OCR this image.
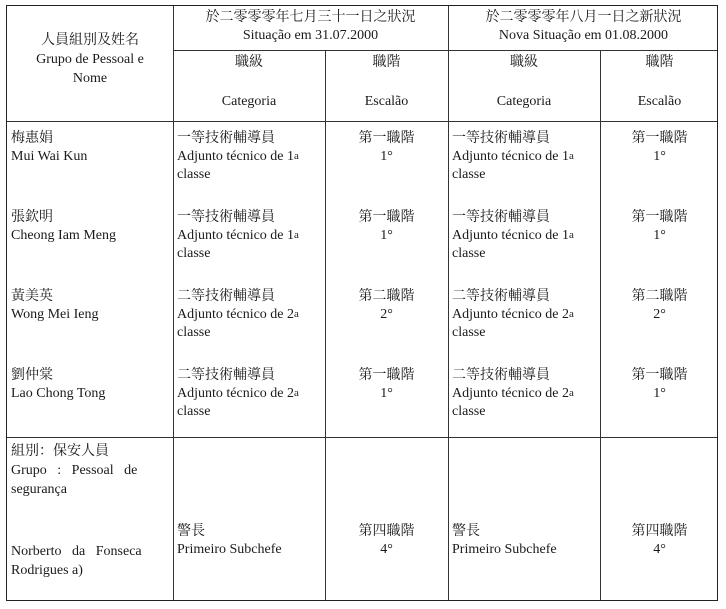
人員組別及姓名
Grupo de Pessoal e
Nome
於二零零零年七月三十一日之狀況
Situação em 31.07.2000
職級
Categoria
職階
Escalão
於二零零零年八月一日之新狀況
Nova Situação em 01.08.2000
職級
Categoria
職階
Escalão
梅惠娟
Mui Wai Kun
一等技術輔導員
Adjunto técnico de 1$^a$
classe
第一職階
1°
一等技術輔導員
Adjunto técnico de 1$^a$
classe
第一職階
1°
張欽明
Cheong Iam Meng
一等技術輔導員
Adjunto técnico de 1$^a$
classe
第一職階
1°
一等技術輔導員
Adjunto técnico de 1$^a$
classe
第一職階
1°
黃美英
Wong Mei Ieng
二等技術輔導員
Adjunto técnico de 2$^a$
classe
第二職階
2°
二等技術輔導員
Adjunto técnico de 2$^a$
classe
第二職階
2°
劉仲棠
Lao Chong Tong
二等技術輔導員
Adjunto técnico de 2$^a$
classe
第一職階
1°
二等技術輔導員
Adjunto técnico de 2$^a$
classe
第一職階
1°
組別：保安人員
Grupo   :   Pessoal   de
segurança
Norberto   da   Fonseca
Rodrigues a)
警長
Primeiro Subchefe
第四職階
4°
警長
Primeiro Subchefe
第四職階
4°
